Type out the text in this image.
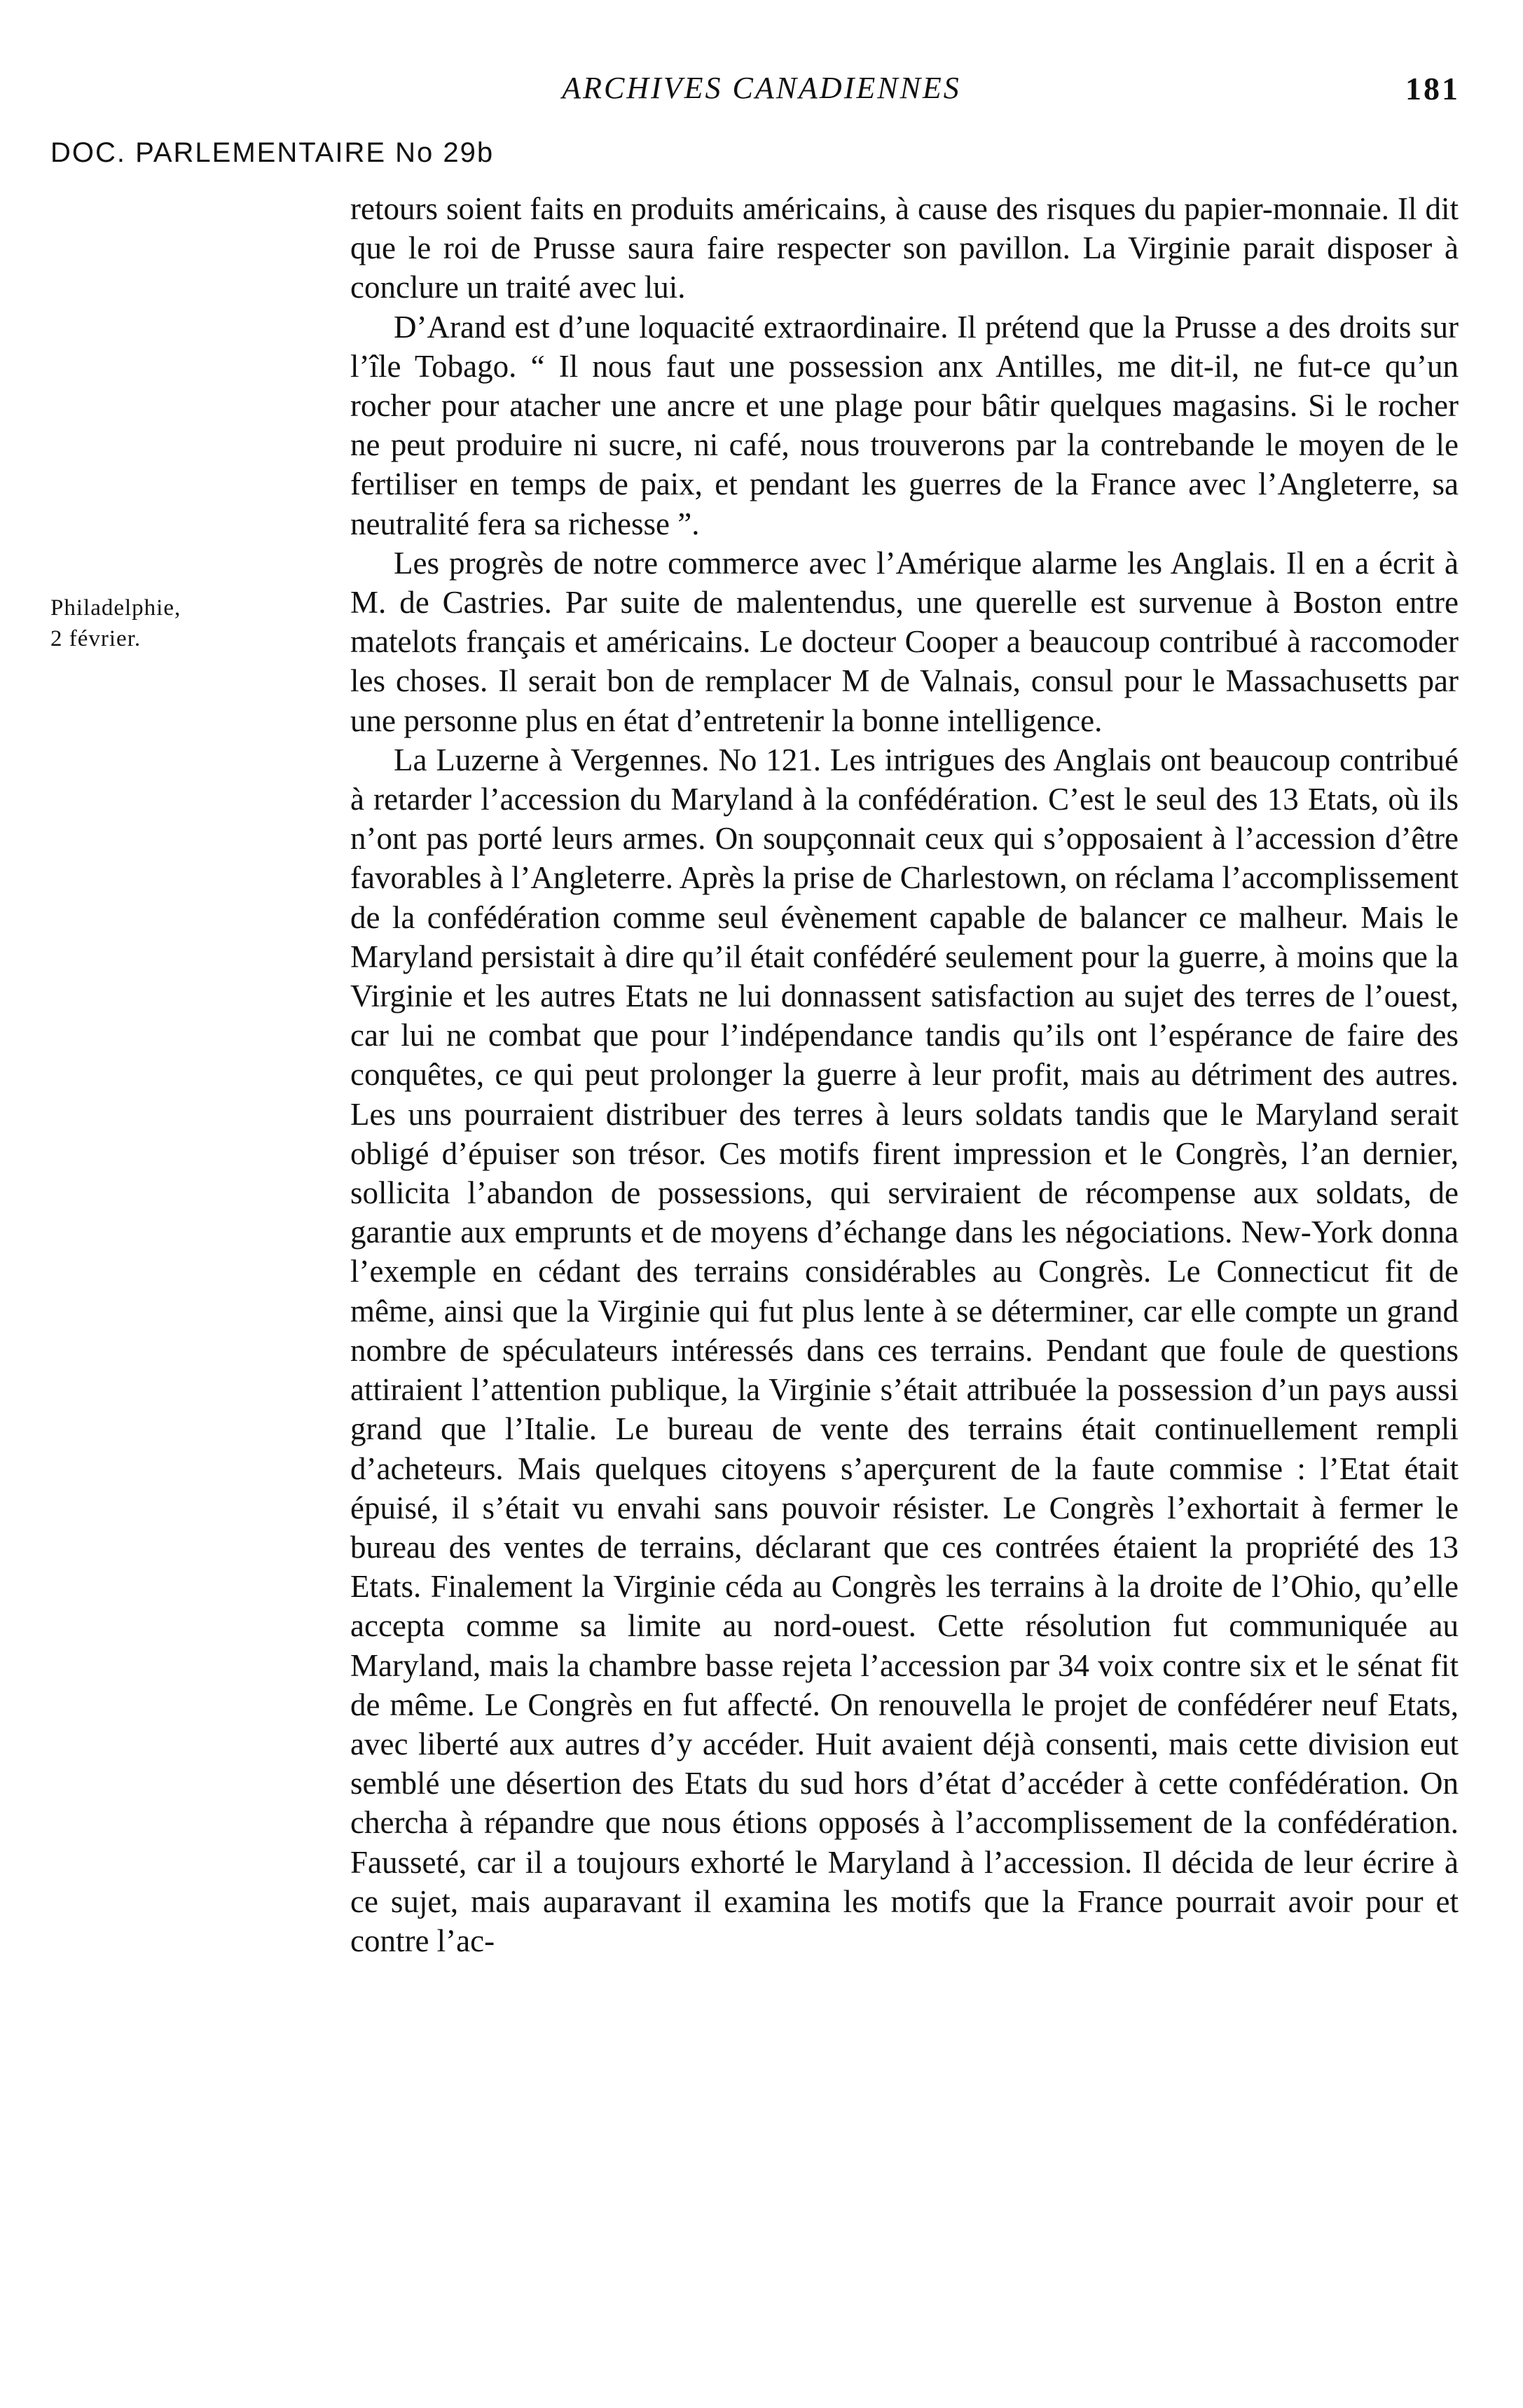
ARCHIVES CANADIENNES	181
DOC. PARLEMENTAIRE No 29b
Philadelphie,
2 février.

retours soient faits en produits américains, à cause des risques du papier-monnaie. Il dit que le roi de Prusse saura faire respecter son pavillon. La Virginie parait disposer à conclure un traité avec lui.

D’Arand est d’une loquacité extraordinaire. Il prétend que la Prusse a des droits sur l’île Tobago. “ Il nous faut une possession anx Antilles, me dit-il, ne fut-ce qu’un rocher pour atacher une ancre et une plage pour bâtir quelques magasins. Si le rocher ne peut produire ni sucre, ni café, nous trouverons par la contrebande le moyen de le fertiliser en temps de paix, et pendant les guerres de la France avec l’Angleterre, sa neutralité fera sa richesse ”.

Les progrès de notre commerce avec l’Amérique alarme les Anglais. Il en a écrit à M. de Castries. Par suite de malentendus, une querelle est survenue à Boston entre matelots français et américains. Le docteur Cooper a beaucoup contribué à raccomoder les choses. Il serait bon de remplacer M de Valnais, consul pour le Massachusetts par une personne plus en état d’entretenir la bonne intelligence.

La Luzerne à Vergennes. No 121. Les intrigues des Anglais ont beaucoup contribué à retarder l’accession du Maryland à la confédération. C’est le seul des 13 Etats, où ils n’ont pas porté leurs armes. On soupçonnait ceux qui s’opposaient à l’accession d’être favorables à l’Angleterre. Après la prise de Charlestown, on réclama l’accomplissement de la confédération comme seul évènement capable de balancer ce malheur. Mais le Maryland persistait à dire qu’il était confédéré seulement pour la guerre, à moins que la Virginie et les autres Etats ne lui donnassent satisfaction au sujet des terres de l’ouest, car lui ne combat que pour l’indépendance tandis qu’ils ont l’espérance de faire des conquêtes, ce qui peut prolonger la guerre à leur profit, mais au détriment des autres. Les uns pourraient distribuer des terres à leurs soldats tandis que le Maryland serait obligé d’épuiser son trésor. Ces motifs firent impression et le Congrès, l’an dernier, sollicita l’abandon de possessions, qui serviraient de récompense aux soldats, de garantie aux emprunts et de moyens d’échange dans les négociations. New-York donna l’exemple en cédant des terrains considérables au Congrès. Le Connecticut fit de même, ainsi que la Virginie qui fut plus lente à se déterminer, car elle compte un grand nombre de spéculateurs intéressés dans ces terrains. Pendant que foule de questions attiraient l’attention publique, la Virginie s’était attribuée la possession d’un pays aussi grand que l’Italie. Le bureau de vente des terrains était continuellement rempli d’acheteurs. Mais quelques citoyens s’aperçurent de la faute commise : l’Etat était épuisé, il s’était vu envahi sans pouvoir résister. Le Congrès l’exhortait à fermer le bureau des ventes de terrains, déclarant que ces contrées étaient la propriété des 13 Etats. Finalement la Virginie céda au Congrès les terrains à la droite de l’Ohio, qu’elle accepta comme sa limite au nord-ouest. Cette résolution fut communiquée au Maryland, mais la chambre basse rejeta l’accession par 34 voix contre six et le sénat fit de même. Le Congrès en fut affecté. On renouvella le projet de confédérer neuf Etats, avec liberté aux autres d’y accéder. Huit avaient déjà consenti, mais cette division eut semblé une désertion des Etats du sud hors d’état d’accéder à cette confédération. On chercha à répandre que nous étions opposés à l’accomplissement de la confédération. Fausseté, car il a toujours exhorté le Maryland à l’accession. Il décida de leur écrire à ce sujet, mais auparavant il examina les motifs que la France pourrait avoir pour et contre l’ac-
